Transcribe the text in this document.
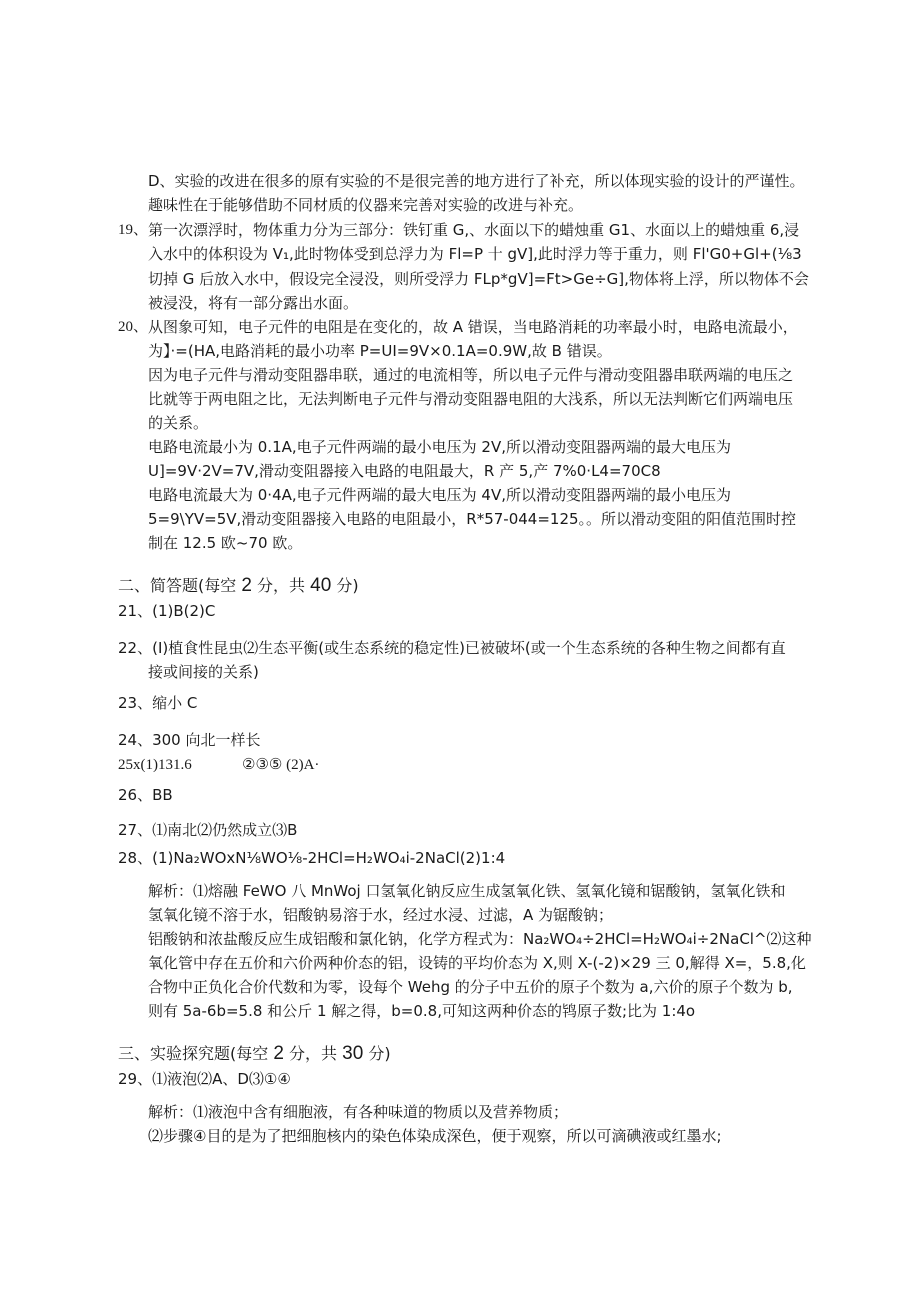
D、实验的改进在很多的原有实验的不是很完善的地方进行了补充，所以体现实验的设计的严谨性。
趣味性在于能够借助不同材质的仪器来完善对实验的改进与补充。
19、 第一次漂浮时，物体重力分为三部分：铁钉重 G,、水面以下的蜡烛重 G1、水面以上的蜡烛重 6,浸
入水中的体积设为 V₁,此时物体受到总浮力为 Fl=P 十 gV],此时浮力等于重力，则 Fl'G0+Gl+(⅛3
切掉 G 后放入水中，假设完全浸没，则所受浮力 FLp*gV]=Ft>Ge÷G],物体将上浮，所以物体不会
被浸没，将有一部分露出水面。
20、 从图象可知，电子元件的电阻是在变化的，故 A 错误，当电路消耗的功率最小时，电路电流最小，
为】·=(HA,电路消耗的最小功率 P=UI=9V×0.1A=0.9W,故 B 错误。
因为电子元件与滑动变阻器串联，通过的电流相等，所以电子元件与滑动变阻器串联两端的电压之
比就等于两电阻之比，无法判断电子元件与滑动变阻器电阻的大浅系，所以无法判断它们两端电压
的关系。
电路电流最小为 0.1A,电子元件两端的最小电压为 2V,所以滑动变阻器两端的最大电压为
U]=9V·2V=7V,滑动变阻器接入电路的电阻最大，R 产 5,产 7%0·L4=70C8
电路电流最大为 0·4A,电子元件两端的最大电压为 4V,所以滑动变阻器两端的最小电压为
5=9\YV=5V,滑动变阻器接入电路的电阻最小，R*57-044=125。。所以滑动变阻的阳值范围时控
制在 12.5 欧~70 欧。
二、简答题(每空 2 分，共 40 分)
21、(1)B(2)C
22、(I)植食性昆虫⑵生态平衡(或生态系统的稳定性)已被破坏(或一个生态系统的各种生物之间都有直
接或间接的关系)
23、缩小 C
24、300 向北一样长
25x(1)131.6	②③⑤ (2)A·
26、BB
27、⑴南北⑵仍然成立⑶B
28、(1)Na₂WOxN⅛WO⅛-2HCl=H₂WO₄i-2NaCl(2)1:4
解析：⑴熔融 FeWO 八 MnWoj 口氢氧化钠反应生成氢氧化铁、氢氧化镜和锯酸钠，氢氧化铁和
氢氧化镜不溶于水，铝酸钠易溶于水，经过水浸、过滤，A 为锯酸钠；
铝酸钠和浓盐酸反应生成铝酸和氯化钠，化学方程式为：Na₂WO₄÷2HCl=H₂WO₄i÷2NaCl^⑵这种
氧化管中存在五价和六价两种价态的铝，设铸的平均价态为 X,则 X-(-2)×29 三 0,解得 X=，5.8,化
合物中正负化合价代数和为零，设每个 Wehg 的分子中五价的原子个数为 a,六价的原子个数为 b,
则有 5a-6b=5.8 和公斤 1 解之得，b=0.8,可知这两种价态的鸨原子数;比为 1:4o
三、实验探究题(每空 2 分，共 30 分)
29、⑴液泡⑵A、D⑶①④
解析：⑴液泡中含有细胞液，有各种味道的物质以及营养物质；
⑵步骤④目的是为了把细胞核内的染色体染成深色，便于观察，所以可滴碘液或红墨水;
